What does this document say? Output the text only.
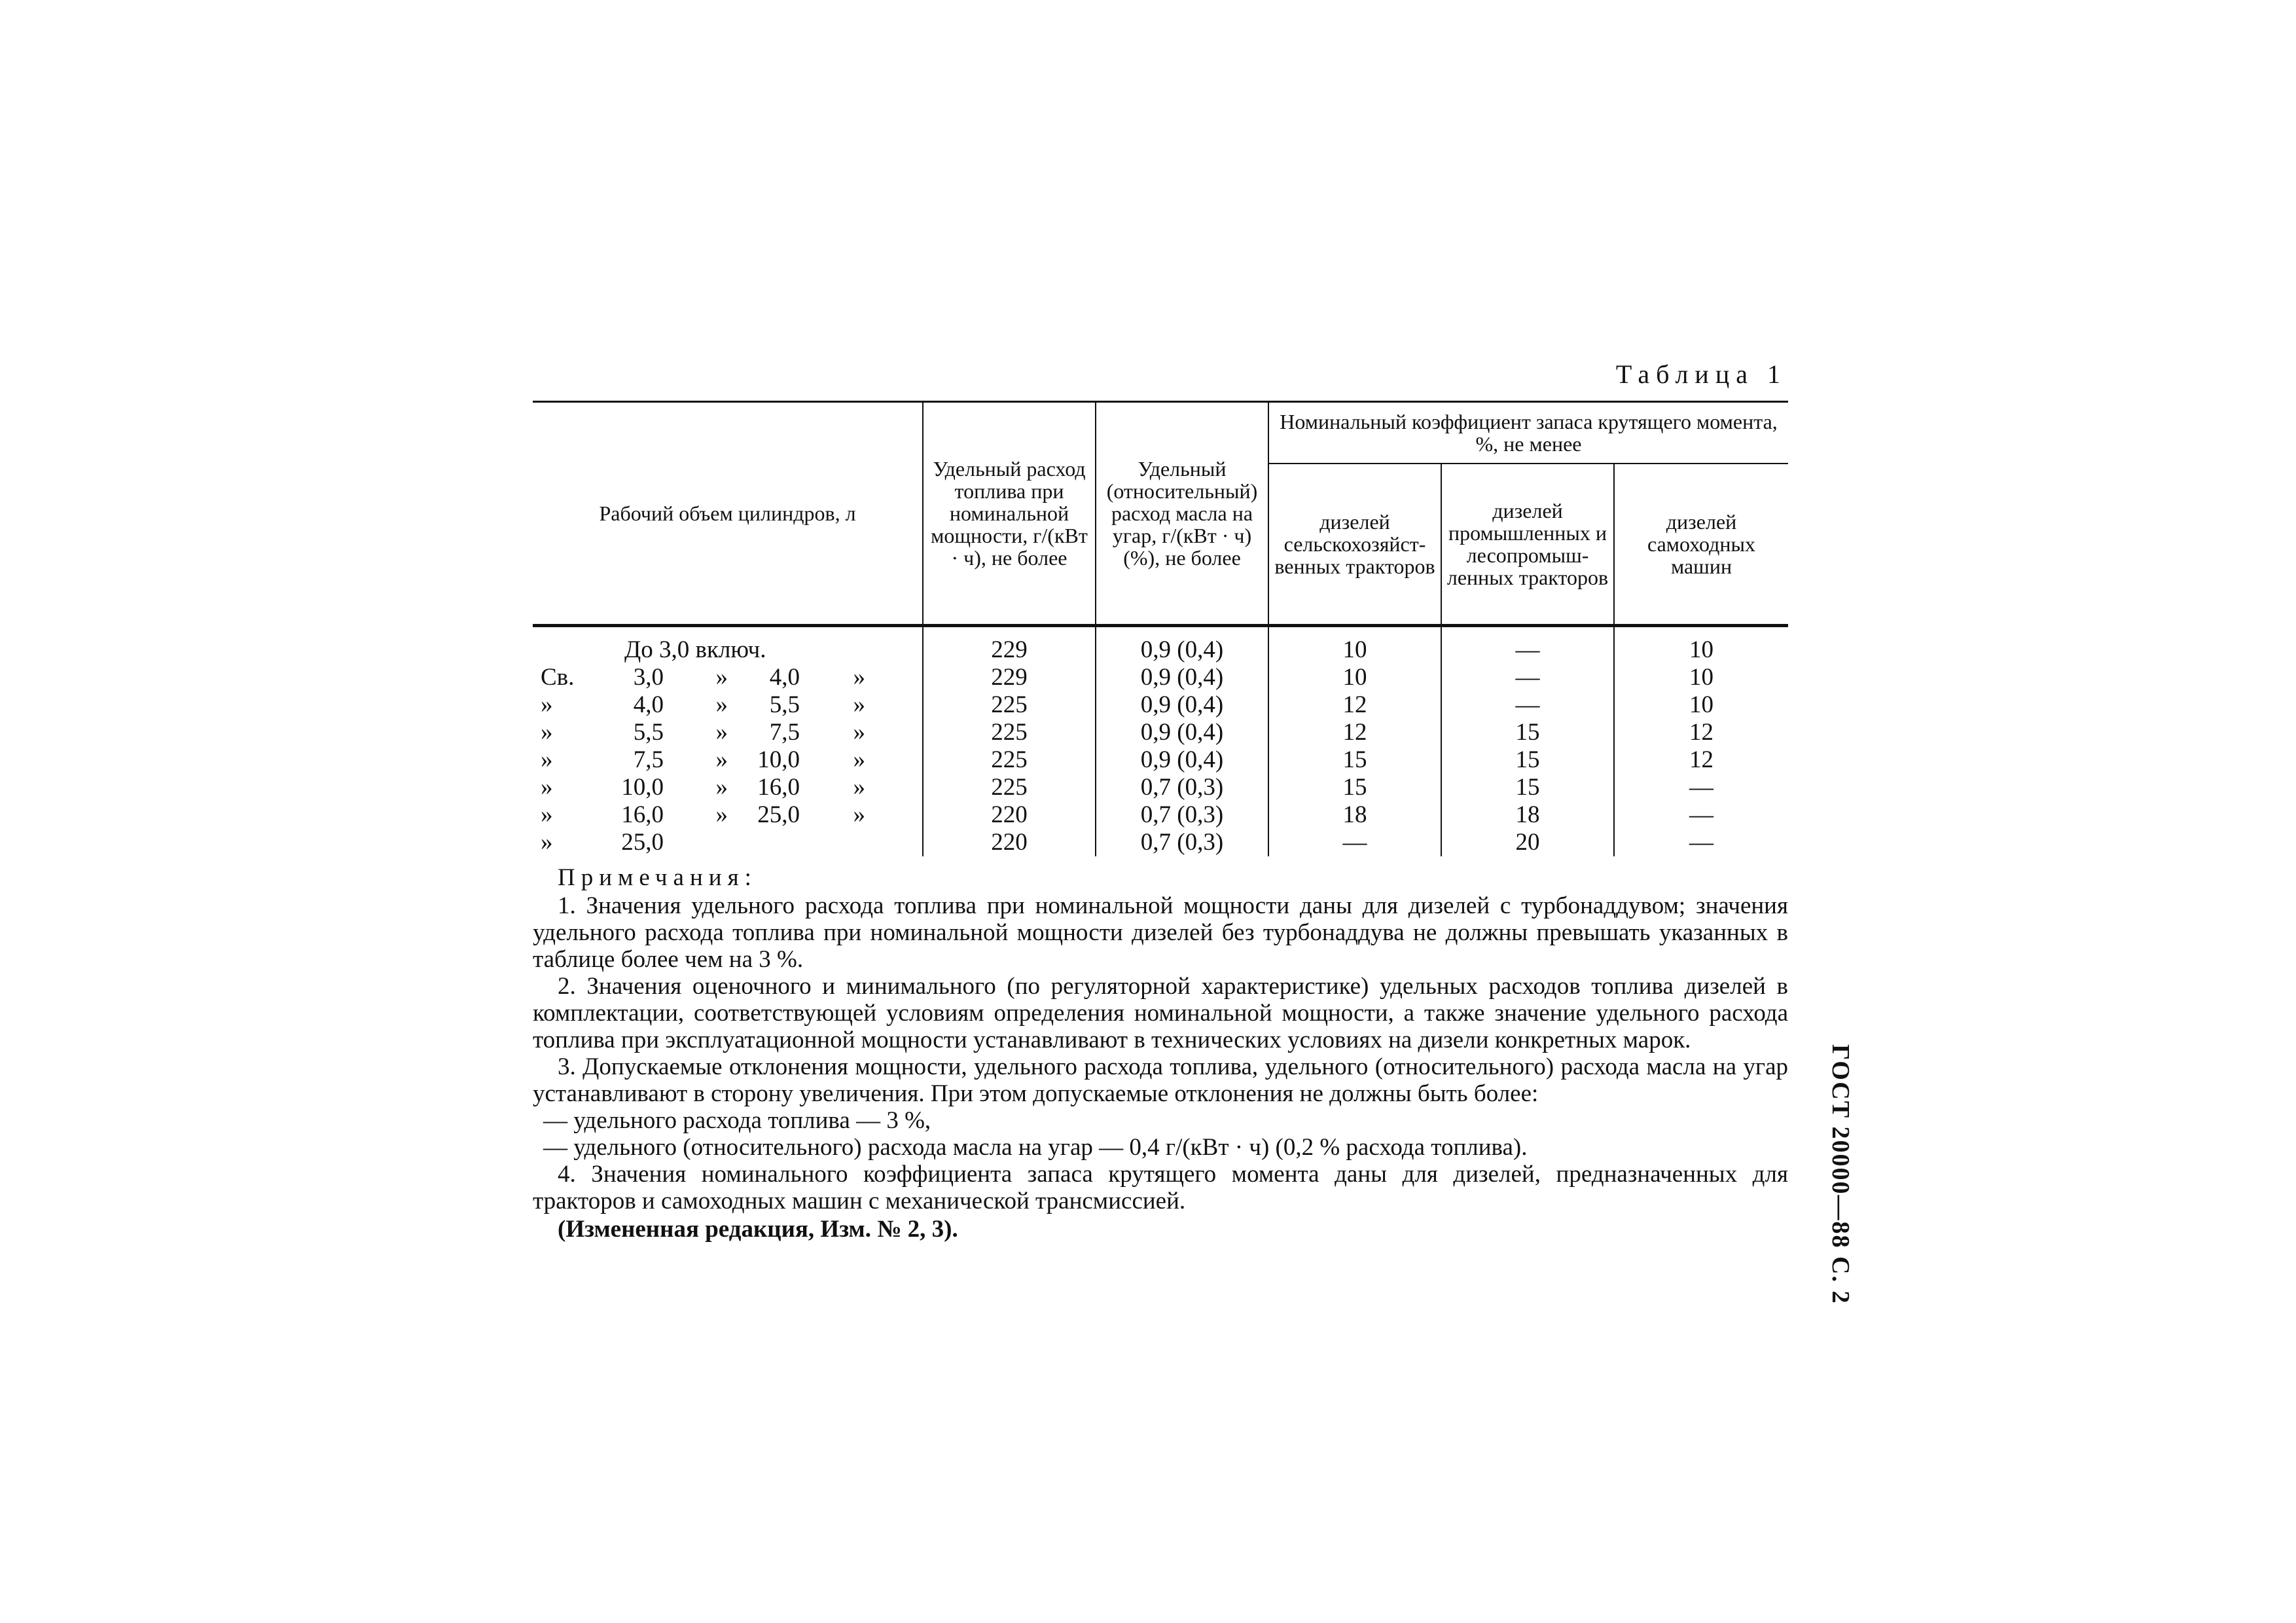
Таблица 1
Рабочий объем цилиндров, л	Удельный расход топлива при номинальной мощности, г/(кВт · ч), не более	Удельный (относительный) расход масла на угар, г/(кВт · ч) (%), не более	Номинальный коэффициент запаса крутящего момента, %, не менее		
			дизелей сельскохозяйст-венных тракторов	дизелей промышленных и лесопромыш-ленных тракторов	дизелей самоходных машин
До 3,0 включ.	229	0,9 (0,4)	10	—	10
Св. 3,0 » 4,0 »	229	0,9 (0,4)	10	—	10
» 4,0 » 5,5 »	225	0,9 (0,4)	12	—	10
» 5,5 » 7,5 »	225	0,9 (0,4)	12	15	12
» 7,5 » 10,0 »	225	0,9 (0,4)	15	15	12
» 10,0 » 16,0 »	225	0,7 (0,3)	15	15	—
» 16,0 » 25,0 »	220	0,7 (0,3)	18	18	—
» 25,0	220	0,7 (0,3)	—	20	—
Примечания:

1. Значения удельного расхода топлива при номинальной мощности даны для дизелей с турбонаддувом; значения удельного расхода топлива при номинальной мощности дизелей без турбонаддува не должны превышать указанных в таблице более чем на 3 %.

2. Значения оценочного и минимального (по регуляторной характеристике) удельных расходов топлива дизелей в комплектации, соответствующей условиям определения номинальной мощности, а также значение удельного расхода топлива при эксплуатационной мощности устанавливают в технических условиях на дизели конкретных марок.

3. Допускаемые отклонения мощности, удельного расхода топлива, удельного (относительного) расхода масла на угар устанавливают в сторону увеличения. При этом допускаемые отклонения не должны быть более:

— удельного расхода топлива — 3 %,

— удельного (относительного) расхода масла на угар — 0,4 г/(кВт · ч) (0,2 % расхода топлива).

4. Значения номинального коэффициента запаса крутящего момента даны для дизелей, предназначенных для тракторов и самоходных машин с механической трансмиссией.

(Измененная редакция, Изм. № 2, 3).	ГОСТ 20000—88 С. 2
